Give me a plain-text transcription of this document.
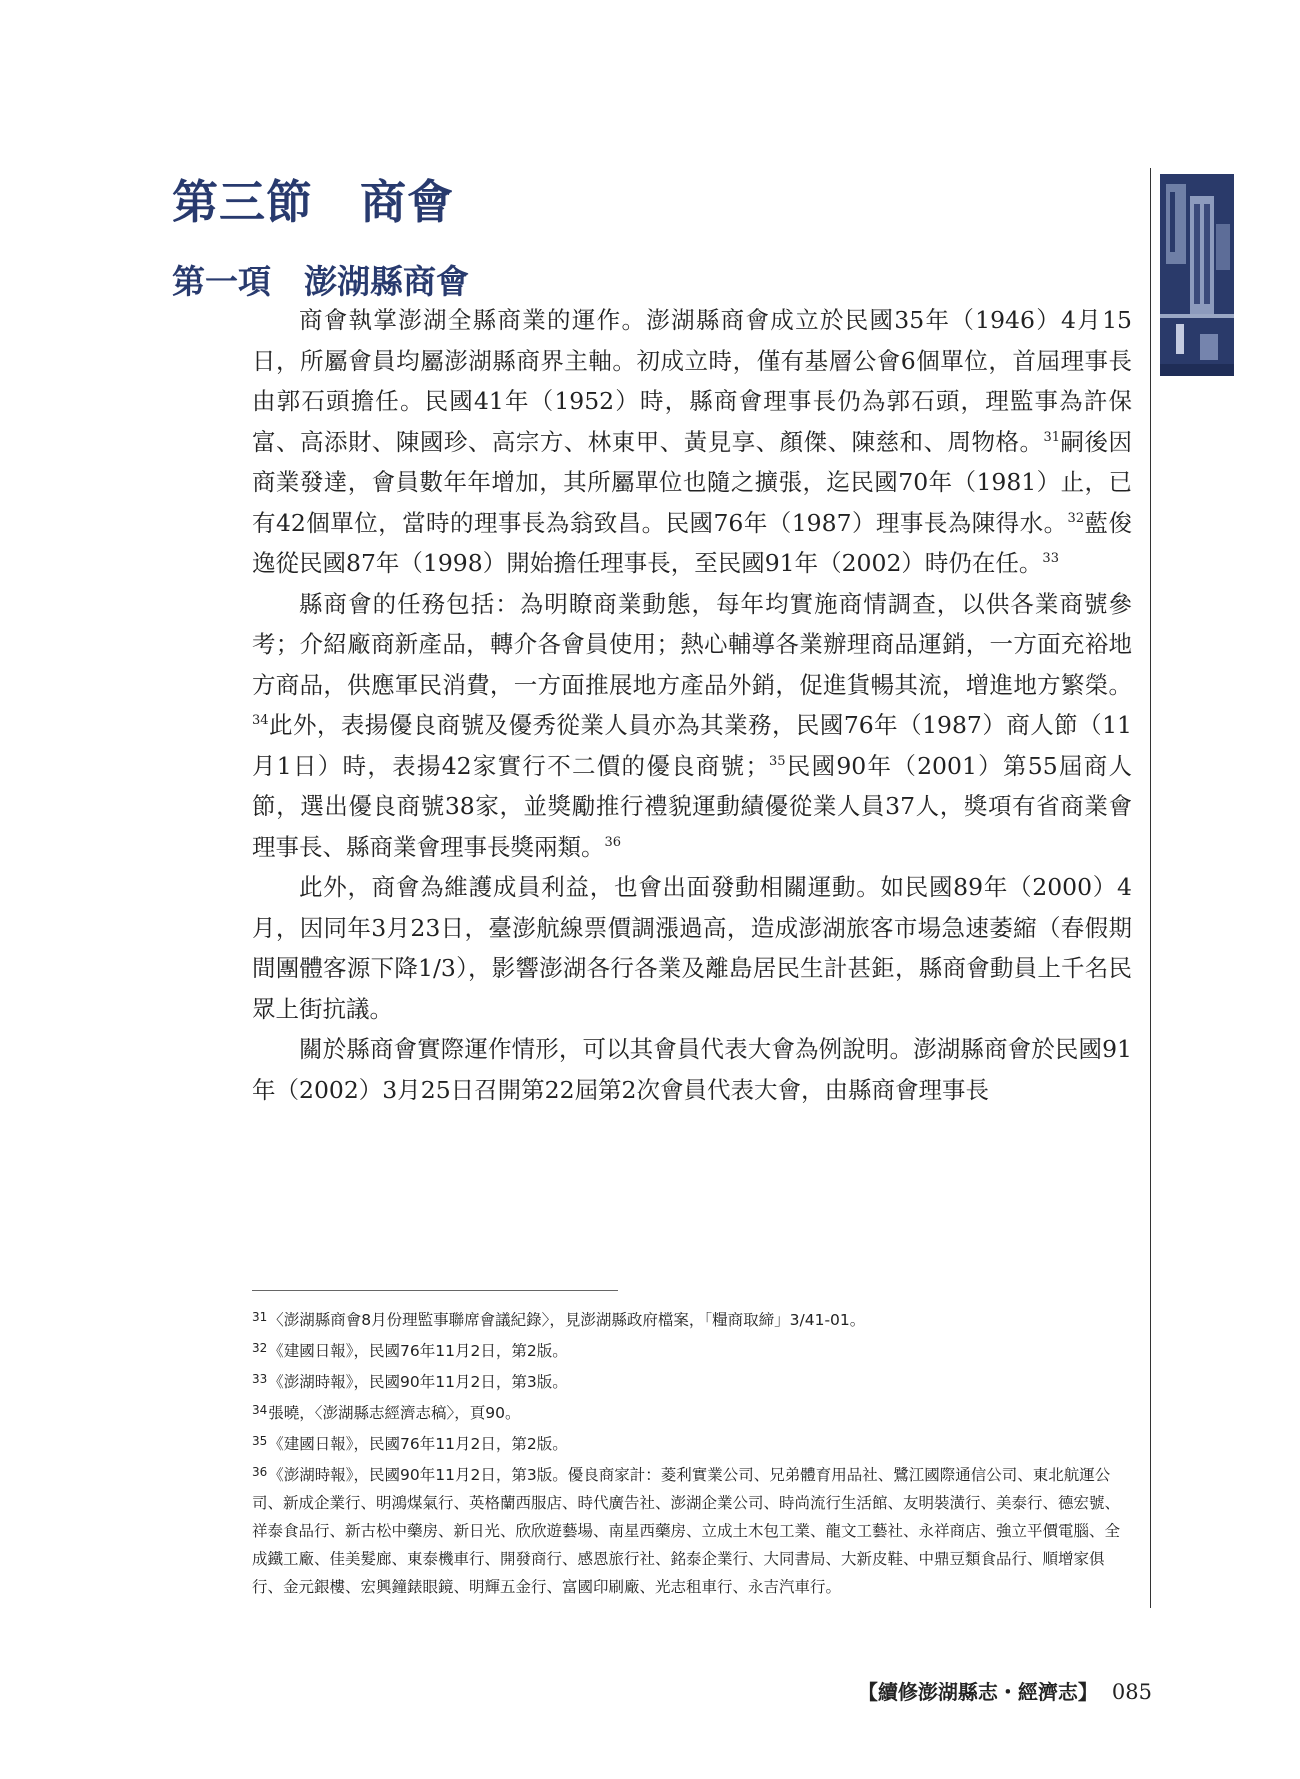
第三節　商會
第一項　澎湖縣商會

商會執掌澎湖全縣商業的運作。澎湖縣商會成立於民國35年（1946）4月15日，所屬會員均屬澎湖縣商界主軸。初成立時，僅有基層公會6個單位，首屆理事長由郭石頭擔任。民國41年（1952）時，縣商會理事長仍為郭石頭，理監事為許保富、高添財、陳國珍、高宗方、林東甲、黃見享、顏傑、陳慈和、周物格。$^{31}$嗣後因商業發達，會員數年年增加，其所屬單位也隨之擴張，迄民國70年（1981）止，已有42個單位，當時的理事長為翁致昌。民國76年（1987）理事長為陳得水。$^{32}$藍俊逸從民國87年（1998）開始擔任理事長，至民國91年（2002）時仍在任。$^{33}$

縣商會的任務包括：為明瞭商業動態，每年均實施商情調查，以供各業商號參考；介紹廠商新產品，轉介各會員使用；熱心輔導各業辦理商品運銷，一方面充裕地方商品，供應軍民消費，一方面推展地方產品外銷，促進貨暢其流，增進地方繁榮。$^{34}$此外，表揚優良商號及優秀從業人員亦為其業務，民國76年（1987）商人節（11月1日）時，表揚42家實行不二價的優良商號；$^{35}$民國90年（2001）第55屆商人節，選出優良商號38家，並獎勵推行禮貌運動績優從業人員37人，獎項有省商業會理事長、縣商業會理事長獎兩類。$^{36}$

此外，商會為維護成員利益，也會出面發動相關運動。如民國89年（2000）4月，因同年3月23日，臺澎航線票價調漲過高，造成澎湖旅客市場急速萎縮（春假期間團體客源下降1/3），影響澎湖各行各業及離島居民生計甚鉅，縣商會動員上千名民眾上街抗議。

關於縣商會實際運作情形，可以其會員代表大會為例說明。澎湖縣商會於民國91年（2002）3月25日召開第22屆第2次會員代表大會，由縣商會理事長

$^{31}$〈澎湖縣商會8月份理監事聯席會議紀錄〉，見澎湖縣政府檔案，「糧商取締」3/41-01。

$^{32}$《建國日報》，民國76年11月2日，第2版。

$^{33}$《澎湖時報》，民國90年11月2日，第3版。

$^{34}$張曉，〈澎湖縣志經濟志稿〉，頁90。

$^{35}$《建國日報》，民國76年11月2日，第2版。

$^{36}$《澎湖時報》，民國90年11月2日，第3版。優良商家計：菱利實業公司、兄弟體育用品社、鷺江國際通信公司、東北航運公司、新成企業行、明鴻煤氣行、英格蘭西服店、時代廣告社、澎湖企業公司、時尚流行生活館、友明裝潢行、美泰行、德宏號、祥泰食品行、新古松中藥房、新日光、欣欣遊藝場、南星西藥房、立成土木包工業、龍文工藝社、永祥商店、強立平價電腦、全成鐵工廠、佳美髮廊、東泰機車行、開發商行、感恩旅行社、銘泰企業行、大同書局、大新皮鞋、中鼎豆類食品行、順增家俱行、金元銀樓、宏興鐘錶眼鏡、明輝五金行、富國印刷廠、光志租車行、永吉汽車行。

【續修澎湖縣志・經濟志】 085
